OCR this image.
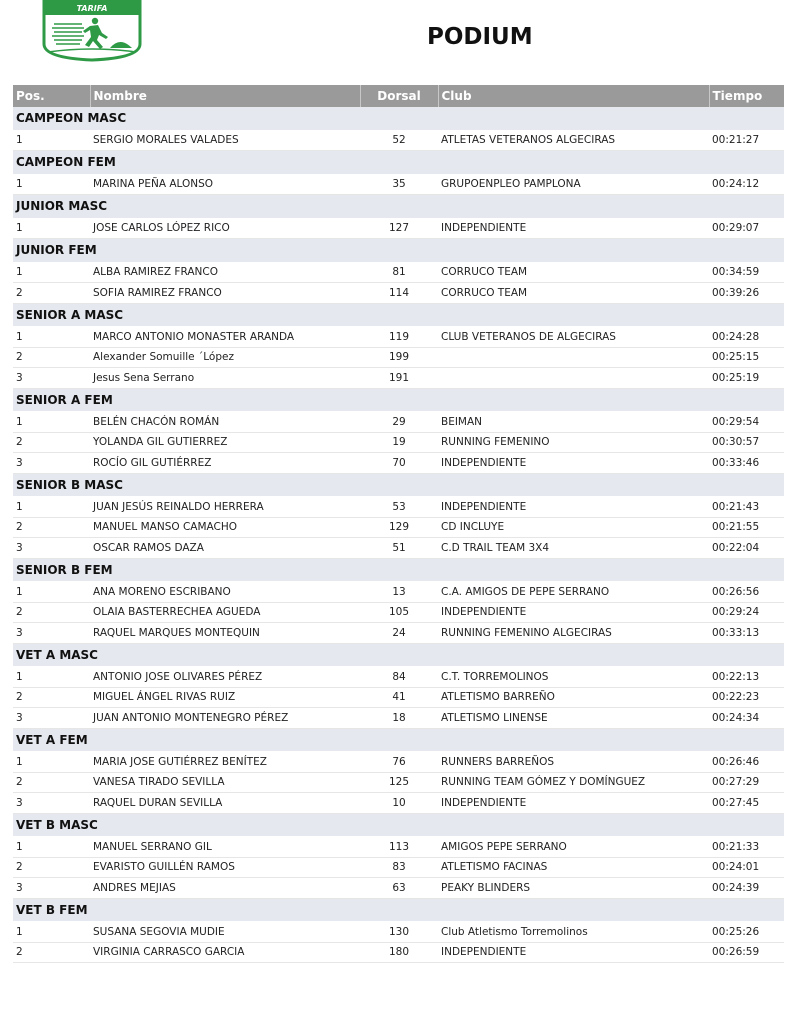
TARIFA
PODIUM
Pos.	Nombre	Dorsal	Club	Tiempo
CAMPEON MASC				
1	SERGIO MORALES VALADES	52	ATLETAS VETERANOS ALGECIRAS	00:21:27
CAMPEON FEM				
1	MARINA PEÑA ALONSO	35	GRUPOENPLEO PAMPLONA	00:24:12
JUNIOR MASC				
1	JOSE CARLOS LÓPEZ RICO	127	INDEPENDIENTE	00:29:07
JUNIOR FEM				
1	ALBA RAMIREZ FRANCO	81	CORRUCO TEAM	00:34:59
2	SOFIA RAMIREZ FRANCO	114	CORRUCO TEAM	00:39:26
SENIOR A MASC				
1	MARCO ANTONIO MONASTER ARANDA	119	CLUB VETERANOS DE ALGECIRAS	00:24:28
2	Alexander Somuille ´López	199		00:25:15
3	Jesus Sena Serrano	191		00:25:19
SENIOR A FEM				
1	BELÉN CHACÓN ROMÁN	29	BEIMAN	00:29:54
2	YOLANDA GIL GUTIERREZ	19	RUNNING FEMENINO	00:30:57
3	ROCÍO GIL GUTIÉRREZ	70	INDEPENDIENTE	00:33:46
SENIOR B MASC				
1	JUAN JESÚS REINALDO HERRERA	53	INDEPENDIENTE	00:21:43
2	MANUEL MANSO CAMACHO	129	CD INCLUYE	00:21:55
3	OSCAR RAMOS DAZA	51	C.D TRAIL TEAM 3X4	00:22:04
SENIOR B FEM				
1	ANA MORENO ESCRIBANO	13	C.A. AMIGOS DE PEPE SERRANO	00:26:56
2	OLAIA BASTERRECHEA AGUEDA	105	INDEPENDIENTE	00:29:24
3	RAQUEL MARQUES MONTEQUIN	24	RUNNING FEMENINO ALGECIRAS	00:33:13
VET A MASC				
1	ANTONIO JOSE OLIVARES PÉREZ	84	C.T. TORREMOLINOS	00:22:13
2	MIGUEL ÁNGEL RIVAS RUIZ	41	ATLETISMO BARREÑO	00:22:23
3	JUAN ANTONIO MONTENEGRO PÉREZ	18	ATLETISMO LINENSE	00:24:34
VET A FEM				
1	MARIA JOSE GUTIÉRREZ BENÍTEZ	76	RUNNERS BARREÑOS	00:26:46
2	VANESA TIRADO SEVILLA	125	RUNNING TEAM GÓMEZ Y DOMÍNGUEZ	00:27:29
3	RAQUEL DURAN SEVILLA	10	INDEPENDIENTE	00:27:45
VET B MASC				
1	MANUEL SERRANO GIL	113	AMIGOS PEPE SERRANO	00:21:33
2	EVARISTO GUILLÉN RAMOS	83	ATLETISMO FACINAS	00:24:01
3	ANDRES MEJIAS	63	PEAKY BLINDERS	00:24:39
VET B FEM				
1	SUSANA SEGOVIA MUDIE	130	Club Atletismo Torremolinos	00:25:26
2	VIRGINIA CARRASCO GARCIA	180	INDEPENDIENTE	00:26:59
